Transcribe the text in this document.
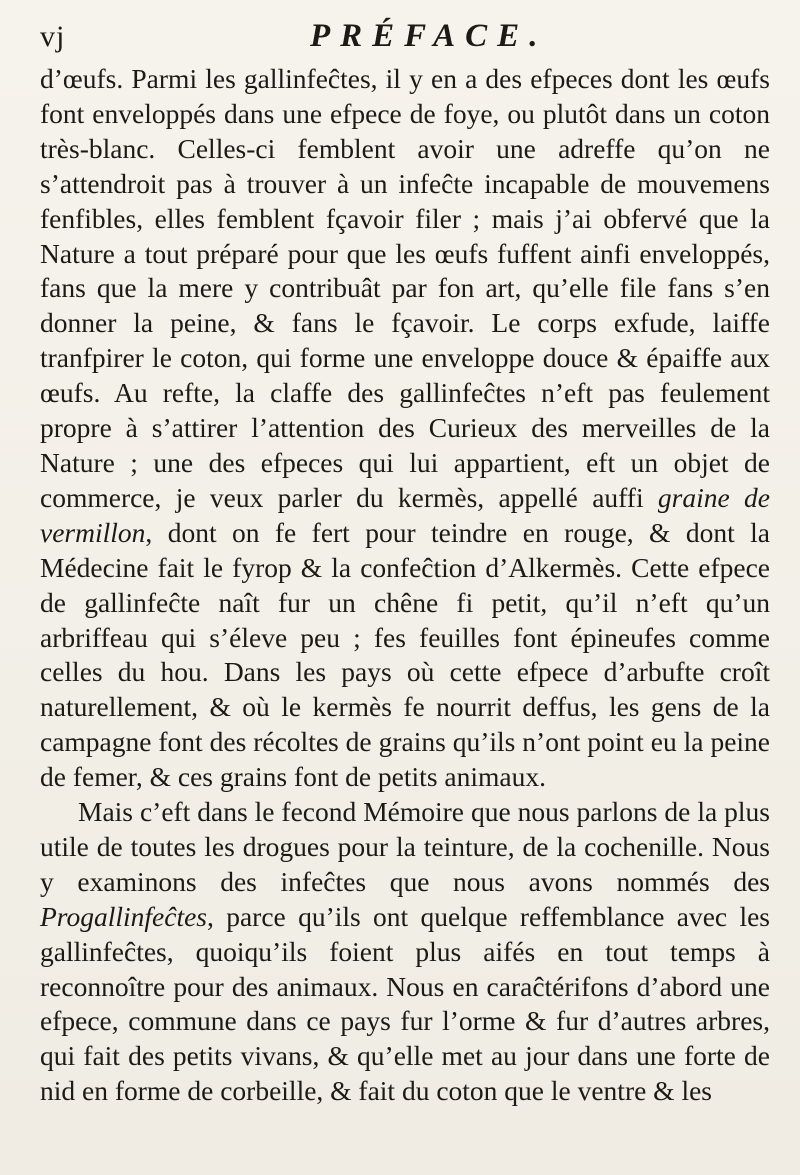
vj	PRÉFACE.

d’œufs. Parmi les gallinfeĉtes, il y en a des efpeces dont les œufs font enveloppés dans une efpece de foye, ou plutôt dans un coton très-blanc. Celles-ci femblent avoir une adreffe qu’on ne s’attendroit pas à trouver à un infeĉte incapable de mouvemens fenfibles, elles femblent fçavoir filer ; mais j’ai obfervé que la Nature a tout préparé pour que les œufs fuffent ainfi enveloppés, fans que la mere y contribuât par fon art, qu’elle file fans s’en donner la peine, & fans le fçavoir. Le corps exfude, laiffe tranfpirer le coton, qui forme une enveloppe douce & épaiffe aux œufs. Au refte, la claffe des gallinfeĉtes n’eft pas feulement propre à s’attirer l’attention des Curieux des merveilles de la Nature ; une des efpeces qui lui appartient, eft un objet de commerce, je veux parler du kermès, appellé auffi graine de vermillon, dont on fe fert pour teindre en rouge, & dont la Médecine fait le fyrop & la confeĉtion d’Alkermès. Cette efpece de gallinfeĉte naît fur un chêne fi petit, qu’il n’eft qu’un arbriffeau qui s’éleve peu ; fes feuilles font épineufes comme celles du hou. Dans les pays où cette efpece d’arbufte croît naturellement, & où le kermès fe nourrit deffus, les gens de la campagne font des récoltes de grains qu’ils n’ont point eu la peine de femer, & ces grains font de petits animaux.

Mais c’eft dans le fecond Mémoire que nous parlons de la plus utile de toutes les drogues pour la teinture, de la cochenille. Nous y examinons des infeĉtes que nous avons nommés des Progallinfeĉtes, parce qu’ils ont quelque reffemblance avec les gallinfeĉtes, quoiqu’ils foient plus aifés en tout temps à reconnoître pour des animaux. Nous en caraĉtérifons d’abord une efpece, commune dans ce pays fur l’orme & fur d’autres arbres, qui fait des petits vivans, & qu’elle met au jour dans une forte de nid en forme de corbeille, & fait du coton que le ventre & les
